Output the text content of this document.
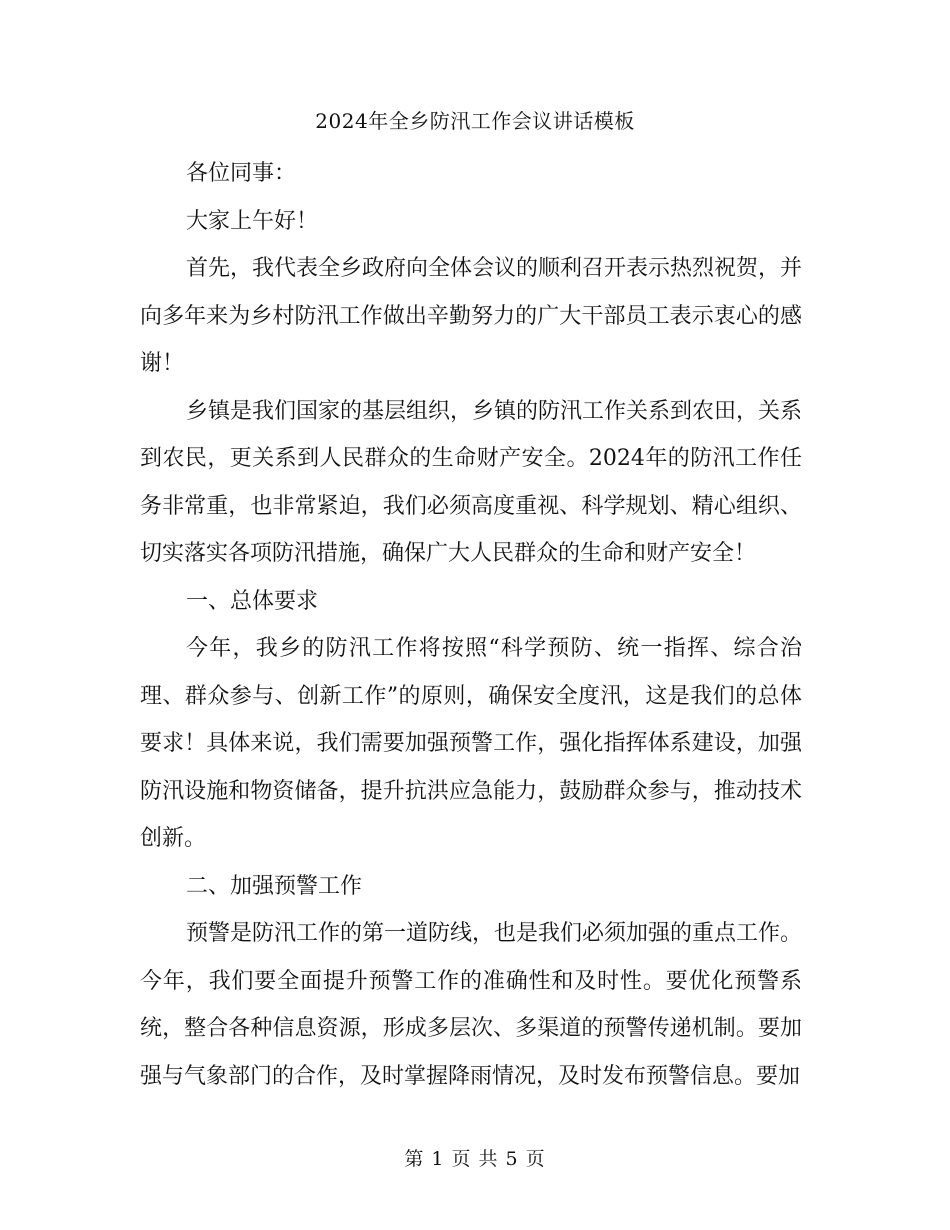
2024年全乡防汛工作会议讲话模板

各位同事：

大家上午好！

首先，我代表全乡政府向全体会议的顺利召开表示热烈祝贺，并向多年来为乡村防汛工作做出辛勤努力的广大干部员工表示衷心的感谢！

乡镇是我们国家的基层组织，乡镇的防汛工作关系到农田，关系到农民，更关系到人民群众的生命财产安全。2024年的防汛工作任务非常重，也非常紧迫，我们必须高度重视、科学规划、精心组织、切实落实各项防汛措施，确保广大人民群众的生命和财产安全！

一、总体要求

今年，我乡的防汛工作将按照“科学预防、统一指挥、综合治理、群众参与、创新工作”的原则，确保安全度汛，这是我们的总体要求！具体来说，我们需要加强预警工作，强化指挥体系建设，加强防汛设施和物资储备，提升抗洪应急能力，鼓励群众参与，推动技术创新。

二、加强预警工作

预警是防汛工作的第一道防线，也是我们必须加强的重点工作。今年，我们要全面提升预警工作的准确性和及时性。要优化预警系统，整合各种信息资源，形成多层次、多渠道的预警传递机制。要加强与气象部门的合作，及时掌握降雨情况，及时发布预警信息。要加

第 1 页 共 5 页
